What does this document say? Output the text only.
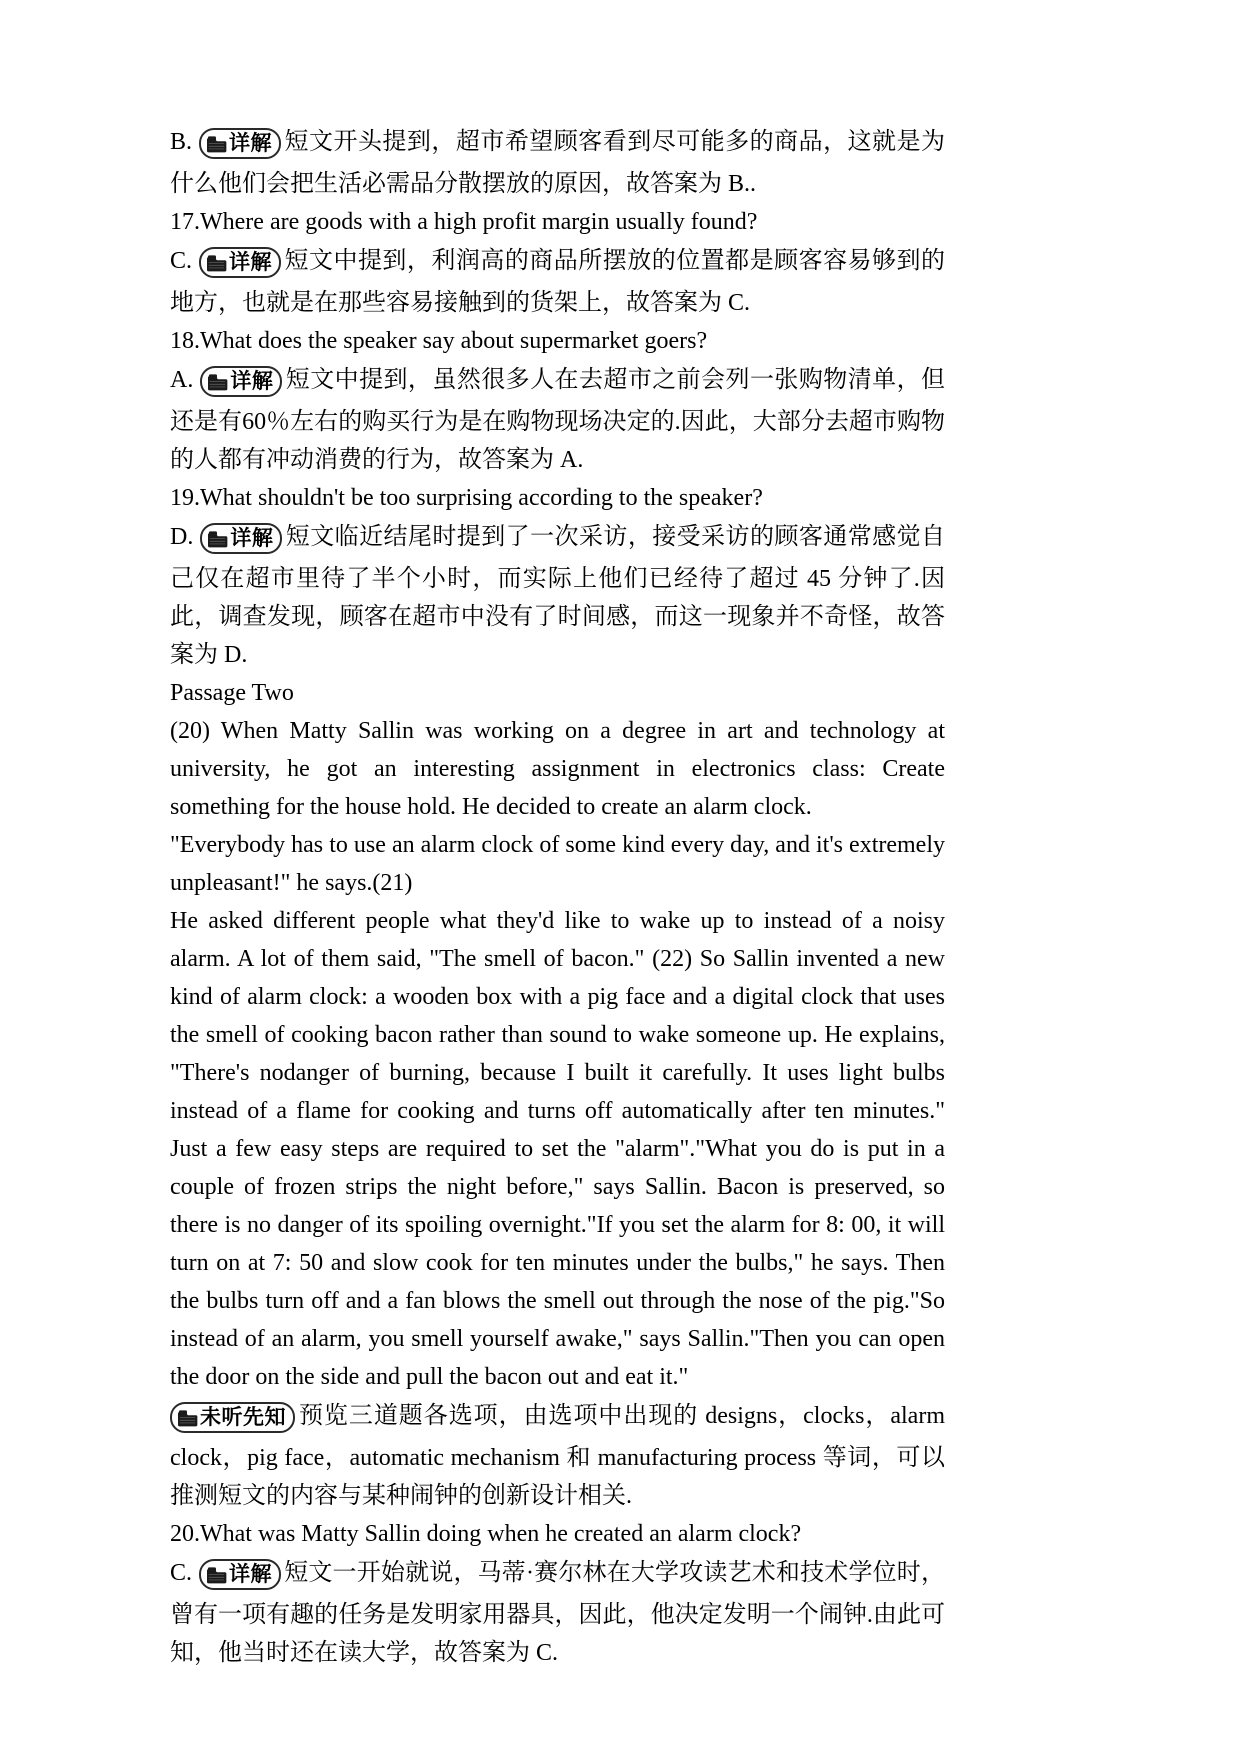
B. 详解 短文开头提到，超市希望顾客看到尽可能多的商品，这就是为什么他们会把生活必需品分散摆放的原因，故答案为 B..

17.Where are goods with a high profit margin usually found?

C. 详解 短文中提到，利润高的商品所摆放的位置都是顾客容易够到的地方，也就是在那些容易接触到的货架上，故答案为 C.

18.What does the speaker say about supermarket goers?

A. 详解 短文中提到，虽然很多人在去超市之前会列一张购物清单，但还是有60％左右的购买行为是在购物现场决定的.因此，大部分去超市购物的人都有冲动消费的行为，故答案为 A.

19.What shouldn't be too surprising according to the speaker?

D. 详解 短文临近结尾时提到了一次采访，接受采访的顾客通常感觉自己仅在超市里待了半个小时，而实际上他们已经待了超过 45 分钟了.因此，调查发现，顾客在超市中没有了时间感，而这一现象并不奇怪，故答案为 D.

Passage Two

(20) When Matty Sallin was working on a degree in art and technology at university, he got an interesting assignment in electronics class: Create something for the house hold. He decided to create an alarm clock.

"Everybody has to use an alarm clock of some kind every day, and it's extremely unpleasant!" he says.(21)

He asked different people what they'd like to wake up to instead of a noisy alarm. A lot of them said, "The smell of bacon." (22) So Sallin invented a new kind of alarm clock: a wooden box with a pig face and a digital clock that uses the smell of cooking bacon rather than sound to wake someone up. He explains, "There's nodanger of burning, because I built it carefully. It uses light bulbs instead of a flame for cooking and turns off automatically after ten minutes." Just a few easy steps are required to set the "alarm"."What you do is put in a couple of frozen strips the night before," says Sallin. Bacon is preserved, so there is no danger of its spoiling overnight."If you set the alarm for 8: 00, it will turn on at 7: 50 and slow cook for ten minutes under the bulbs," he says. Then the bulbs turn off and a fan blows the smell out through the nose of the pig."So instead of an alarm, you smell yourself awake," says Sallin."Then you can open the door on the side and pull the bacon out and eat it."

未听先知 预览三道题各选项，由选项中出现的 designs，clocks，alarm clock，pig face，automatic mechanism 和 manufacturing process 等词，可以推测短文的内容与某种闹钟的创新设计相关.

20.What was Matty Sallin doing when he created an alarm clock?

C. 详解 短文一开始就说，马蒂·赛尔林在大学攻读艺术和技术学位时，曾有一项有趣的任务是发明家用器具，因此，他决定发明一个闹钟.由此可知，他当时还在读大学，故答案为 C.
